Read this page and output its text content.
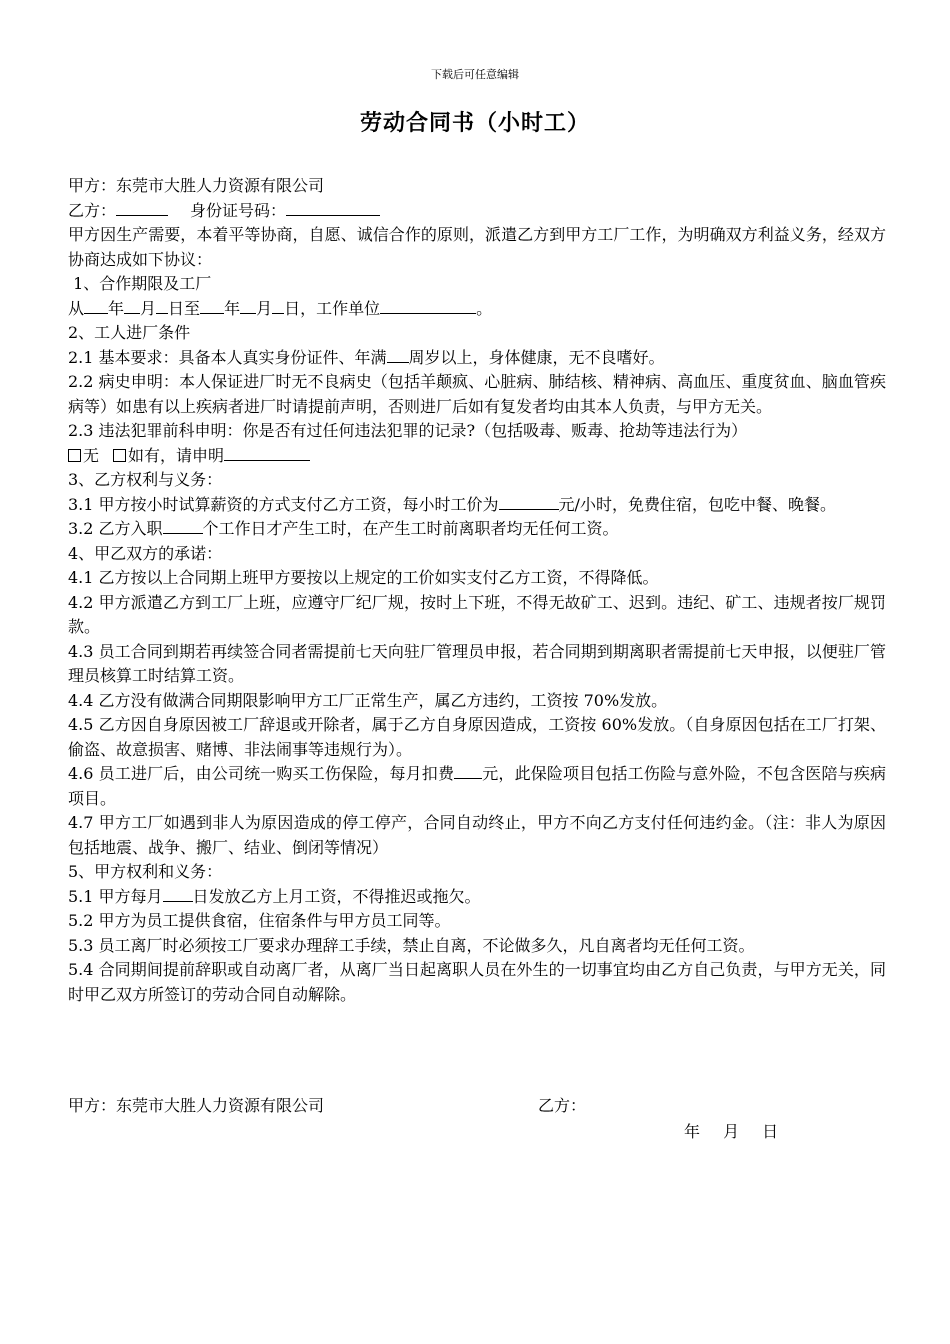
下载后可任意编辑
劳动合同书（小时工）

甲方：东莞市大胜人力资源有限公司

乙方：	身份证号码：

甲方因生产需要，本着平等协商，自愿、诚信合作的原则，派遣乙方到甲方工厂工作，为明确双方利益义务，经双方协商达成如下协议：

1、合作期限及工厂

从 年 月 日至 年 月 日，工作单位	。

2、工人进厂条件

2.1 基本要求：具备本人真实身份证件、年满 周岁以上，身体健康，无不良嗜好。

2.2 病史申明：本人保证进厂时无不良病史（包括羊颠疯、心脏病、肺结核、精神病、高血压、重度贫血、脑血管疾病等）如患有以上疾病者进厂时请提前声明，否则进厂后如有复发者均由其本人负责，与甲方无关。

2.3 违法犯罪前科申明：你是否有过任何违法犯罪的记录?（包括吸毒、贩毒、抢劫等违法行为）

无 如有，请申明

3、乙方权利与义务：

3.1 甲方按小时试算薪资的方式支付乙方工资，每小时工价为	元/小时，免费住宿，包吃中餐、晚餐。

3.2 乙方入职	个工作日才产生工时，在产生工时前离职者均无任何工资。

4、甲乙双方的承诺：

4.1 乙方按以上合同期上班甲方要按以上规定的工价如实支付乙方工资，不得降低。

4.2 甲方派遣乙方到工厂上班，应遵守厂纪厂规，按时上下班，不得无故矿工、迟到。违纪、矿工、违规者按厂规罚款。

4.3 员工合同到期若再续签合同者需提前七天向驻厂管理员申报，若合同期到期离职者需提前七天申报，以便驻厂管理员核算工时结算工资。

4.4 乙方没有做满合同期限影响甲方工厂正常生产，属乙方违约，工资按 70%发放。

4.5 乙方因自身原因被工厂辞退或开除者，属于乙方自身原因造成，工资按 60%发放。（自身原因包括在工厂打架、偷盗、故意损害、赌博、非法闹事等违规行为）。

4.6 员工进厂后，由公司统一购买工伤保险，每月扣费 元，此保险项目包括工伤险与意外险，不包含医陪与疾病项目。

4.7 甲方工厂如遇到非人为原因造成的停工停产，合同自动终止，甲方不向乙方支付任何违约金。（注：非人为原因包括地震、战争、搬厂、结业、倒闭等情况）

5、甲方权利和义务：

5.1 甲方每月 日发放乙方上月工资，不得推迟或拖欠。

5.2 甲方为员工提供食宿，住宿条件与甲方员工同等。

5.3 员工离厂时必须按工厂要求办理辞工手续，禁止自离，不论做多久，凡自离者均无任何工资。

5.4 合同期间提前辞职或自动离厂者，从离厂当日起离职人员在外生的一切事宜均由乙方自己负责，与甲方无关，同时甲乙双方所签订的劳动合同自动解除。

甲方：东莞市大胜人力资源有限公司	乙方：
年 月 日
